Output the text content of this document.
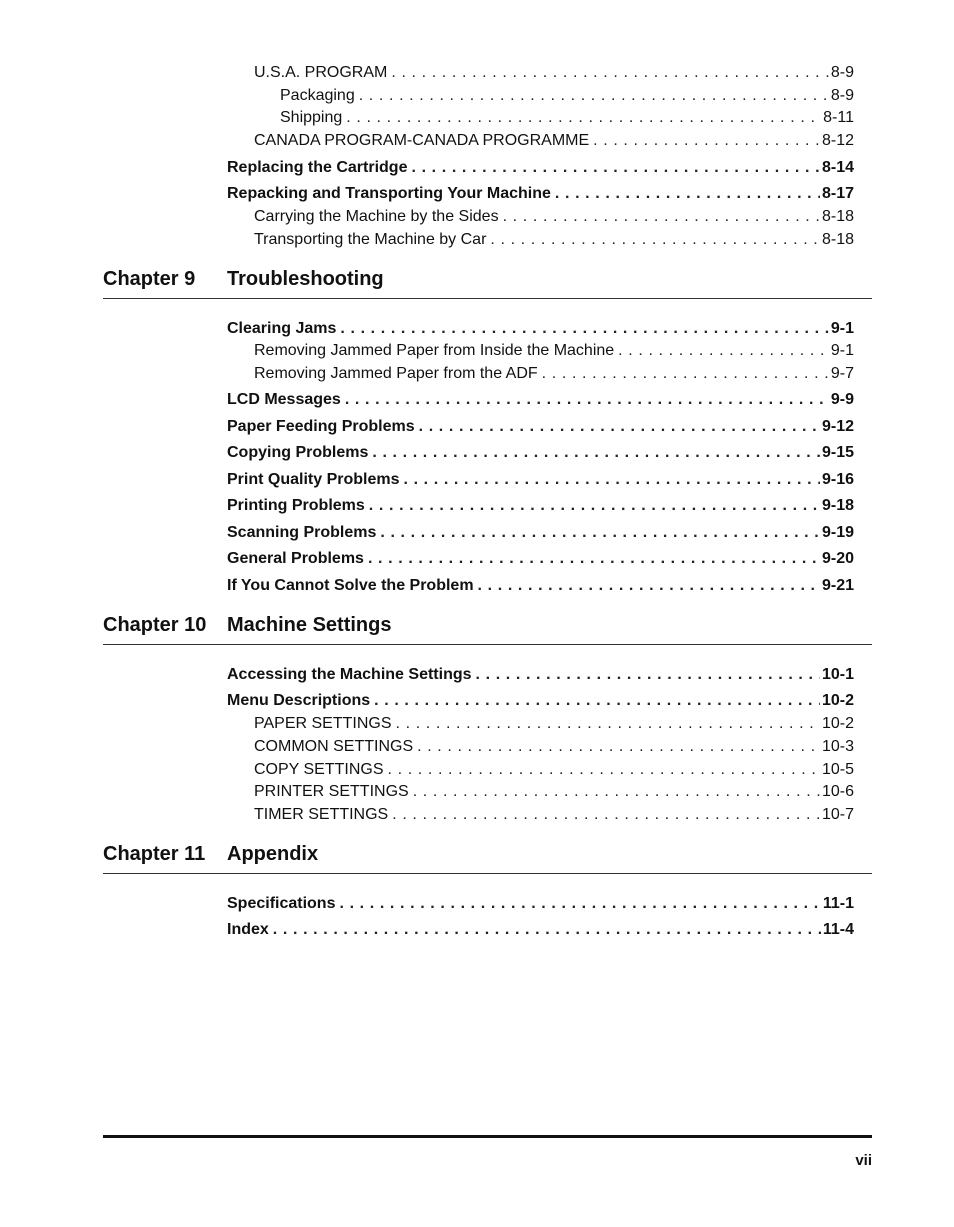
U.S.A. PROGRAM . . .	8-9
Packaging . . .	8-9
Shipping . . .	8-11
CANADA PROGRAM-CANADA PROGRAMME . . .	8-12
Replacing the Cartridge . . .	8-14
Repacking and Transporting Your Machine . . .	8-17
Carrying the Machine by the Sides . . .	8-18
Transporting the Machine by Car . . .	8-18
Chapter 9 Troubleshooting
Clearing Jams . . .	9-1
Removing Jammed Paper from Inside the Machine . . .	9-1
Removing Jammed Paper from the ADF . . .	9-7
LCD Messages . . .	9-9
Paper Feeding Problems . . .	9-12
Copying Problems . . .	9-15
Print Quality Problems . . .	9-16
Printing Problems . . .	9-18
Scanning Problems . . .	9-19
General Problems . . .	9-20
If You Cannot Solve the Problem . . .	9-21
Chapter 10 Machine Settings
Accessing the Machine Settings . . .	10-1
Menu Descriptions . . .	10-2
PAPER SETTINGS . . .	10-2
COMMON SETTINGS . . .	10-3
COPY SETTINGS . . .	10-5
PRINTER SETTINGS . . .	10-6
TIMER SETTINGS . . .	10-7
Chapter 11 Appendix
Specifications . . .	11-1
Index . . .	11-4
vii
